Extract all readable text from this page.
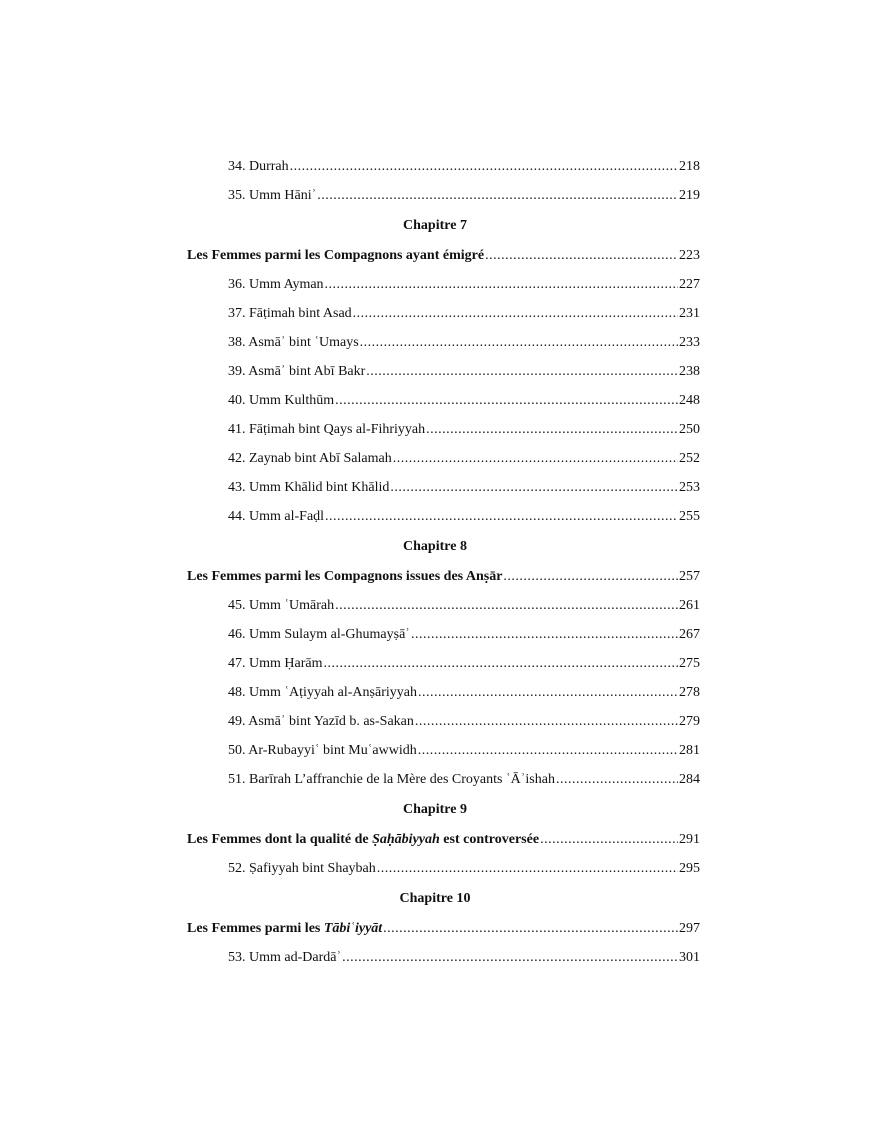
34. Durrah .....	218
35. Umm Hāniʾ .....	219
Chapitre 7
Les Femmes parmi les Compagnons ayant émigré .....	223
36. Umm Ayman .....	227
37. Fāṭimah bint Asad .....	231
38. Asmāʾ bint ʿUmays .....	233
39. Asmāʾ bint Abī Bakr .....	238
40. Umm Kulthūm .....	248
41. Fāṭimah bint Qays al-Fihriyyah .....	250
42. Zaynab bint Abī Salamah .....	252
43. Umm Khālid bint Khālid .....	253
44. Umm al-Faḍl .....	255
Chapitre 8
Les Femmes parmi les Compagnons issues des Anṣār .....	257
45. Umm ʿUmārah .....	261
46. Umm Sulaym al-Ghumayṣāʾ .....	267
47. Umm Ḥarām .....	275
48. Umm ʿAṭiyyah al-Anṣāriyyah .....	278
49. Asmāʾ bint Yazīd b. as-Sakan .....	279
50. Ar-Rubayyiʿ bint Muʿawwidh .....	281
51. Barīrah L’affranchie de la Mère des Croyants ʿĀʾishah .....	284
Chapitre 9
Les Femmes dont la qualité de Ṣaḥābiyyah est controversée .....	291
52. Ṣafiyyah bint Shaybah .....	295
Chapitre 10
Les Femmes parmi les Tābiʿiyyāt .....	297
53. Umm ad-Dardāʾ .....	301
